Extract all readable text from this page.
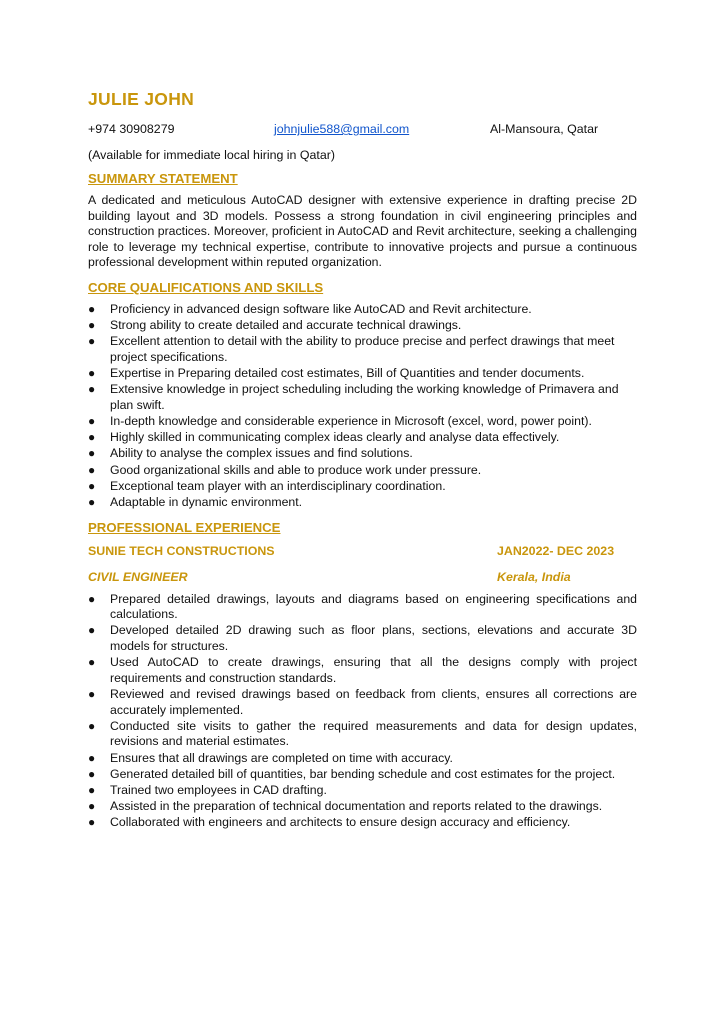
JULIE JOHN
+974 30908279	johnjulie588@gmail.com	Al-Mansoura, Qatar
(Available for immediate local hiring in Qatar)
SUMMARY STATEMENT

A dedicated and meticulous AutoCAD designer with extensive experience in drafting precise 2D building layout and 3D models. Possess a strong foundation in civil engineering principles and construction practices. Moreover, proficient in AutoCAD and Revit architecture, seeking a challenging role to leverage my technical expertise, contribute to innovative projects and pursue a continuous professional development within reputed organization.

CORE QUALIFICATIONS AND SKILLS
● Proficiency in advanced design software like AutoCAD and Revit architecture.
● Strong ability to create detailed and accurate technical drawings.
● Excellent attention to detail with the ability to produce precise and perfect drawings that meet project specifications.
● Expertise in Preparing detailed cost estimates, Bill of Quantities and tender documents.
● Extensive knowledge in project scheduling including the working knowledge of Primavera and plan swift.
● In-depth knowledge and considerable experience in Microsoft (excel, word, power point).
● Highly skilled in communicating complex ideas clearly and analyse data effectively.
● Ability to analyse the complex issues and find solutions.
● Good organizational skills and able to produce work under pressure.
● Exceptional team player with an interdisciplinary coordination.
● Adaptable in dynamic environment.
PROFESSIONAL EXPERIENCE
SUNIE TECH CONSTRUCTIONS	JAN2022- DEC 2023
CIVIL ENGINEER	Kerala, India
● Prepared detailed drawings, layouts and diagrams based on engineering specifications and calculations.
● Developed detailed 2D drawing such as floor plans, sections, elevations and accurate 3D models for structures.
● Used AutoCAD to create drawings, ensuring that all the designs comply with project requirements and construction standards.
● Reviewed and revised drawings based on feedback from clients, ensures all corrections are accurately implemented.
● Conducted site visits to gather the required measurements and data for design updates, revisions and material estimates.
● Ensures that all drawings are completed on time with accuracy.
● Generated detailed bill of quantities, bar bending schedule and cost estimates for the project.
● Trained two employees in CAD drafting.
● Assisted in the preparation of technical documentation and reports related to the drawings.
● Collaborated with engineers and architects to ensure design accuracy and efficiency.
